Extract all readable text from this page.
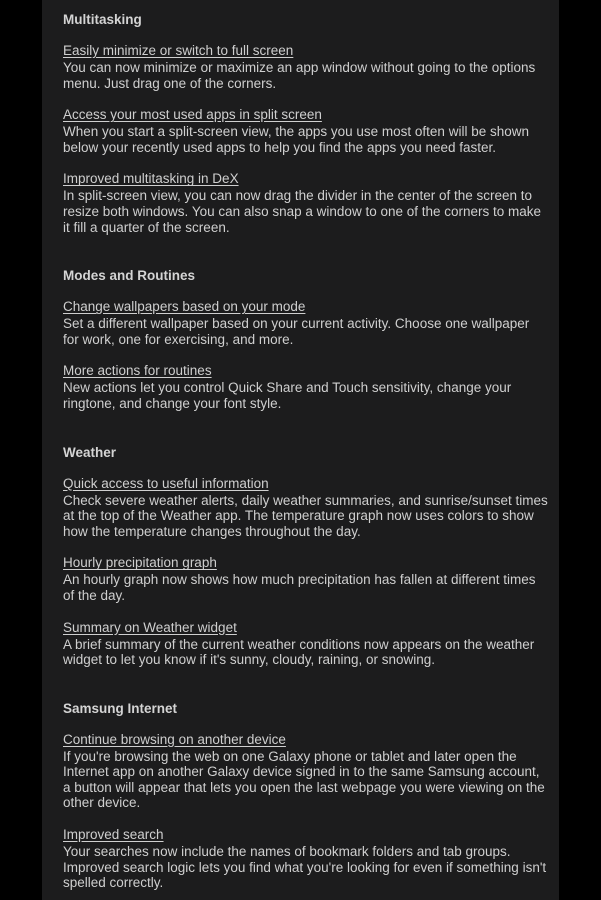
Multitasking
Easily minimize or switch to full screen

You can now minimize or maximize an app window without going to the options menu. Just drag one of the corners.

Access your most used apps in split screen

When you start a split-screen view, the apps you use most often will be shown below your recently used apps to help you find the apps you need faster.

Improved multitasking in DeX

In split-screen view, you can now drag the divider in the center of the screen to resize both windows. You can also snap a window to one of the corners to make it fill a quarter of the screen.

Modes and Routines
Change wallpapers based on your mode

Set a different wallpaper based on your current activity. Choose one wallpaper for work, one for exercising, and more.

More actions for routines

New actions let you control Quick Share and Touch sensitivity, change your ringtone, and change your font style.

Weather
Quick access to useful information

Check severe weather alerts, daily weather summaries, and sunrise/sunset times at the top of the Weather app. The temperature graph now uses colors to show how the temperature changes throughout the day.

Hourly precipitation graph

An hourly graph now shows how much precipitation has fallen at different times of the day.

Summary on Weather widget

A brief summary of the current weather conditions now appears on the weather widget to let you know if it's sunny, cloudy, raining, or snowing.

Samsung Internet
Continue browsing on another device

If you're browsing the web on one Galaxy phone or tablet and later open the Internet app on another Galaxy device signed in to the same Samsung account, a button will appear that lets you open the last webpage you were viewing on the other device.

Improved search

Your searches now include the names of bookmark folders and tab groups. Improved search logic lets you find what you're looking for even if something isn't spelled correctly.
